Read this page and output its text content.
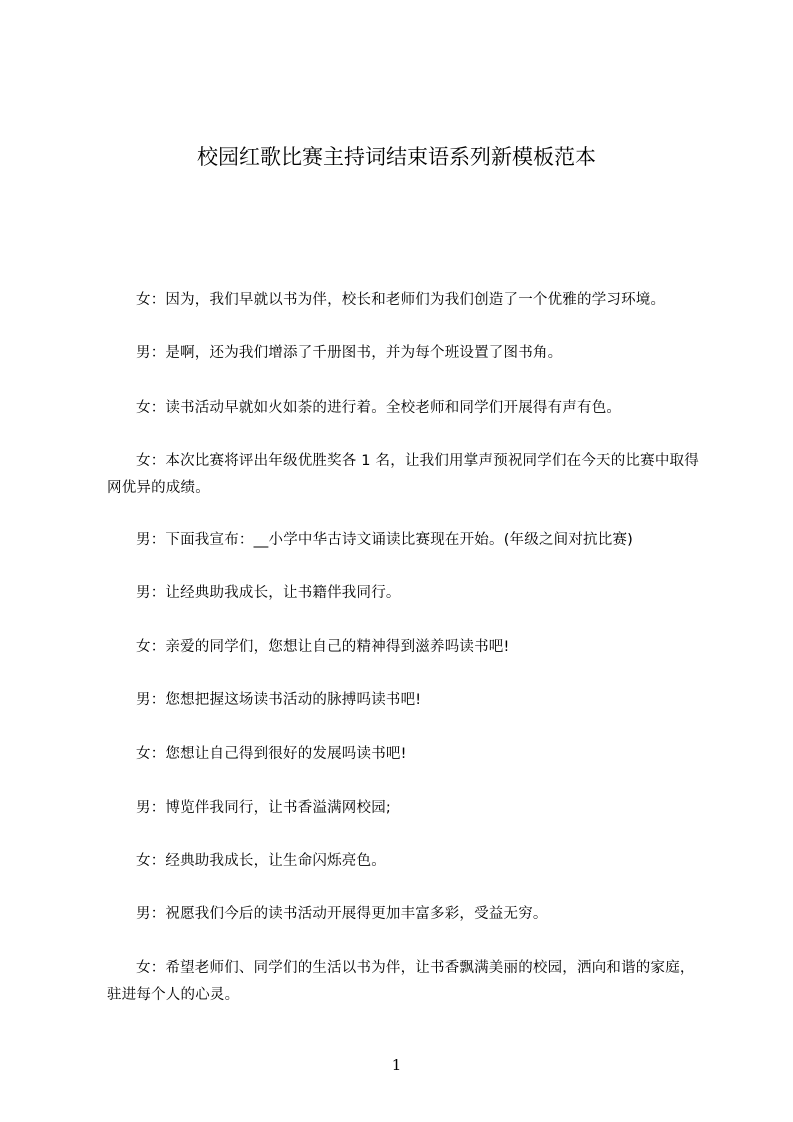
校园红歌比赛主持词结束语系列新模板范本

女：因为，我们早就以书为伴，校长和老师们为我们创造了一个优雅的学习环境。

男：是啊，还为我们增添了千册图书，并为每个班设置了图书角。

女：读书活动早就如火如荼的进行着。全校老师和同学们开展得有声有色。

女：本次比赛将评出年级优胜奖各 1 名，让我们用掌声预祝同学们在今天的比赛中取得网优异的成绩。

男：下面我宣布：__小学中华古诗文诵读比赛现在开始。(年级之间对抗比赛)

男：让经典助我成长，让书籍伴我同行。

女：亲爱的同学们，您想让自己的精神得到滋养吗读书吧!

男：您想把握这场读书活动的脉搏吗读书吧!

女：您想让自己得到很好的发展吗读书吧!

男：博览伴我同行，让书香溢满网校园;

女：经典助我成长，让生命闪烁亮色。

男：祝愿我们今后的读书活动开展得更加丰富多彩，受益无穷。

女：希望老师们、同学们的生活以书为伴，让书香飘满美丽的校园，洒向和谐的家庭，驻进每个人的心灵。

1
